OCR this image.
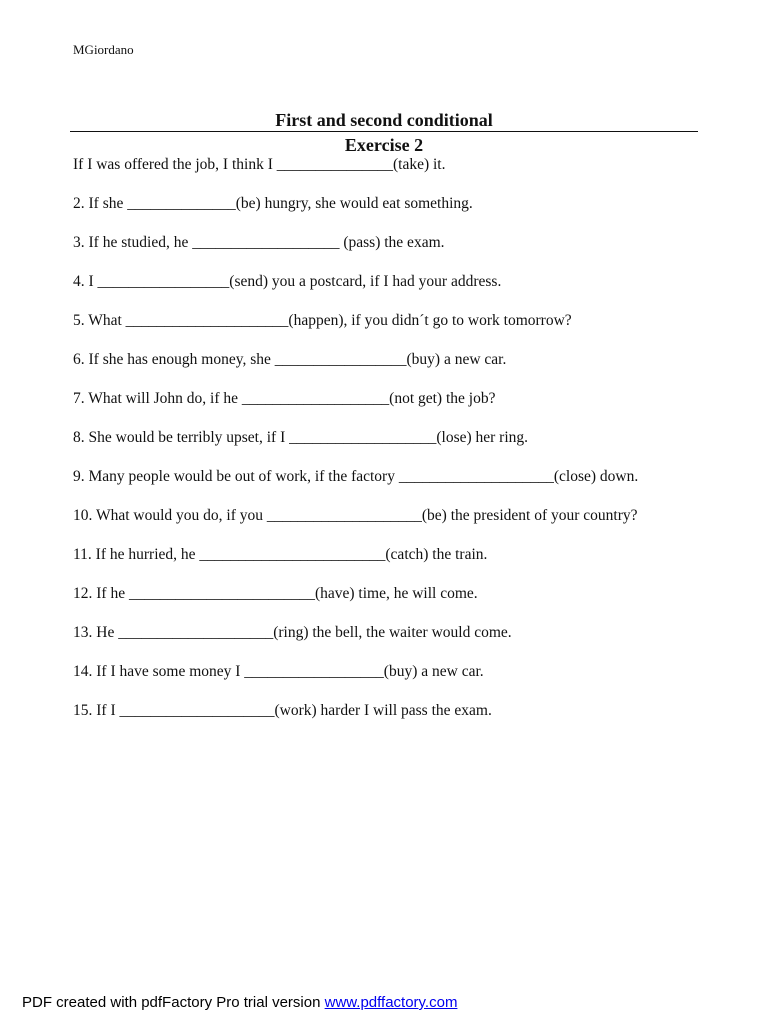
MGiordano
First and second conditional
Exercise 2
If I was offered the job, I think I _______________(take) it.
2. If she ______________(be) hungry, she would eat something.
3. If he studied, he ___________________ (pass) the exam.
4. I _________________(send) you a postcard, if I had your address.
5. What _____________________(happen), if you didn´t go to work tomorrow?
6. If she has enough money, she _________________(buy) a new car.
7. What will John do, if he ___________________(not get) the job?
8. She would be terribly upset, if I ___________________(lose) her ring.
9. Many people would be out of work, if the factory ____________________(close) down.
10. What would you do, if you ____________________(be) the president of your country?
11. If he hurried, he ________________________(catch) the train.
12. If he ________________________(have) time, he will come.
13. He ____________________(ring) the bell, the waiter would come.
14. If I have some money I __________________(buy) a new car.
15. If I ____________________(work) harder I will pass the exam.
PDF created with pdfFactory Pro trial version www.pdffactory.com
